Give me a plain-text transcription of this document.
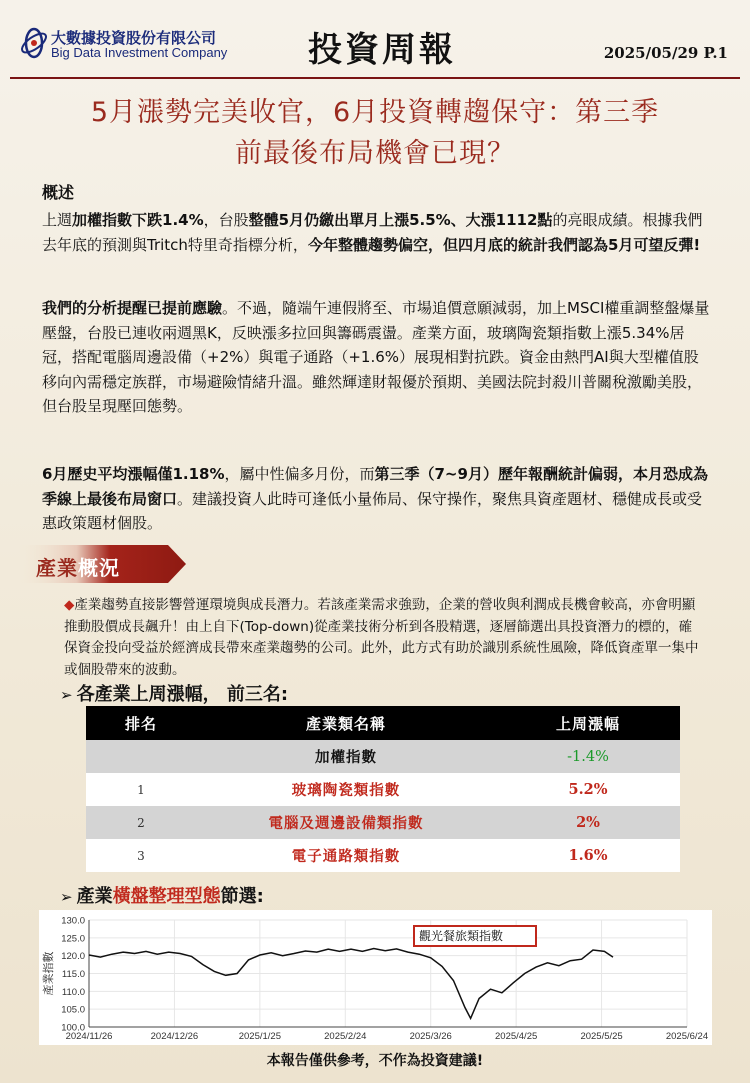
大數據投資股份有限公司
Big Data Investment Company 投資周報	2025/05/29 P.1
5月漲勢完美收官，6月投資轉趨保守：第三季
前最後布局機會已現？
概述
上週加權指數下跌1.4%，台股整體5月仍繳出單月上漲5.5%、大漲1112點的亮眼成績。根據我們去年底的預測與Tritch特里奇指標分析，今年整體趨勢偏空，但四月底的統計我們認為5月可望反彈!
我們的分析提醒已提前應驗。不過，隨端午連假將至、市場追價意願減弱，加上MSCI權重調整盤爆量壓盤，台股已連收兩週黑K，反映漲多拉回與籌碼震盪。產業方面，玻璃陶瓷類指數上漲5.34%居冠，搭配電腦周邊設備（+2%）與電子通路（+1.6%）展現相對抗跌。資金由熱門AI與大型權值股移向內需穩定族群，市場避險情緒升溫。雖然輝達財報優於預期、美國法院封殺川普關稅激勵美股，但台股呈現壓回態勢。
6月歷史平均漲幅僅1.18%，屬中性偏多月份，而第三季（7~9月）歷年報酬統計偏弱，本月恐成為季線上最後布局窗口。建議投資人此時可逢低小量佈局、保守操作，聚焦具資產題材、穩健成長或受惠政策題材個股。
產業概況
◆產業趨勢直接影響營運環境與成長潛力。若該產業需求強勁，企業的營收與利潤成長機會較高，亦會明顯推動股價成長飆升！由上自下(Top-down)從產業技術分析到各股精選，逐層篩選出具投資潛力的標的，確保資金投向受益於經濟成長帶來產業趨勢的公司。此外，此方式有助於識別系統性風險，降低資產單一集中或個股帶來的波動。
➢ 各產業上周漲幅， 前三名:
排名	產業類名稱	上周漲幅
	加權指數	-1.4%
1	玻璃陶瓷類指數	5.2%
2	電腦及週邊設備類指數	2%
3	電子通路類指數	1.6%
➢ 產業橫盤整理型態節選:
130.0
125.0
120.0
115.0
110.0
105.0
100.0
2024/11/26	2024/12/26	2025/1/25	2025/2/24	2025/3/26	2025/4/25	2025/5/25	2025/6/24
產業指數
觀光餐旅類指數
本報告僅供參考，不作為投資建議!
